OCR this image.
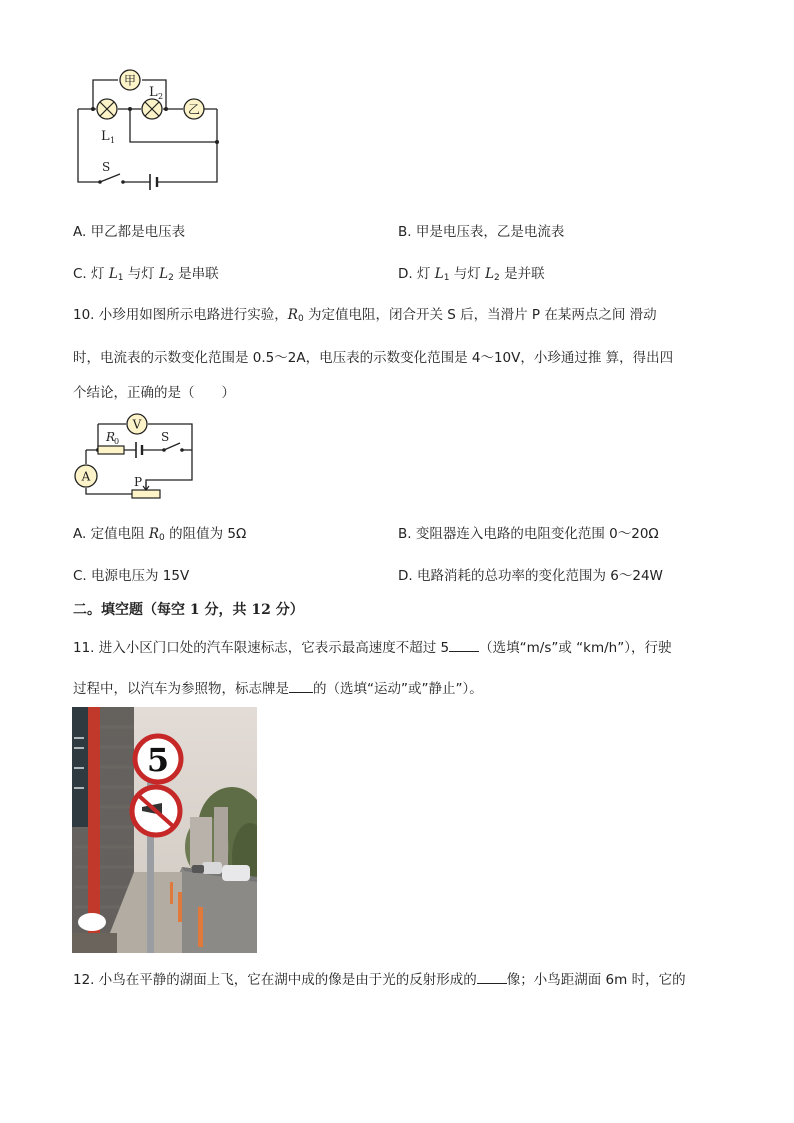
甲
L 1
L 2
乙
S
A. 甲乙都是电压表	B. 甲是电压表，乙是电流表
C. 灯 $L_1$ 与灯 $L_2$ 是串联	D. 灯 $L_1$ 与灯 $L_2$ 是并联
10. 小珍用如图所示电路进行实验，$R_0$ 为定值电阻，闭合开关 S 后，当滑片 P 在某两点之间 滑动
时，电流表的示数变化范围是 0.5～2A，电压表的示数变化范围是 4～10V，小珍通过推 算，得出四
个结论，正确的是（　　）
V
R
0	S
A	P
A. 定值电阻 $R_0$ 的阻值为 5Ω	B. 变阻器连入电路的电阻变化范围 0～20Ω
C. 电源电压为 15V	D. 电路消耗的总功率的变化范围为 6～24W
二。填空题（每空 1 分，共 12 分）
11. 进入小区门口处的汽车限速标志，它表示最高速度不超过 5 （选填“m/s”或 “km/h”），行驶
过程中，以汽车为参照物，标志牌是 的（选填“运动”或”静止”）。
5
12. 小鸟在平静的湖面上飞，它在湖中成的像是由于光的反射形成的 像；小鸟距湖面 6m 时，它的
